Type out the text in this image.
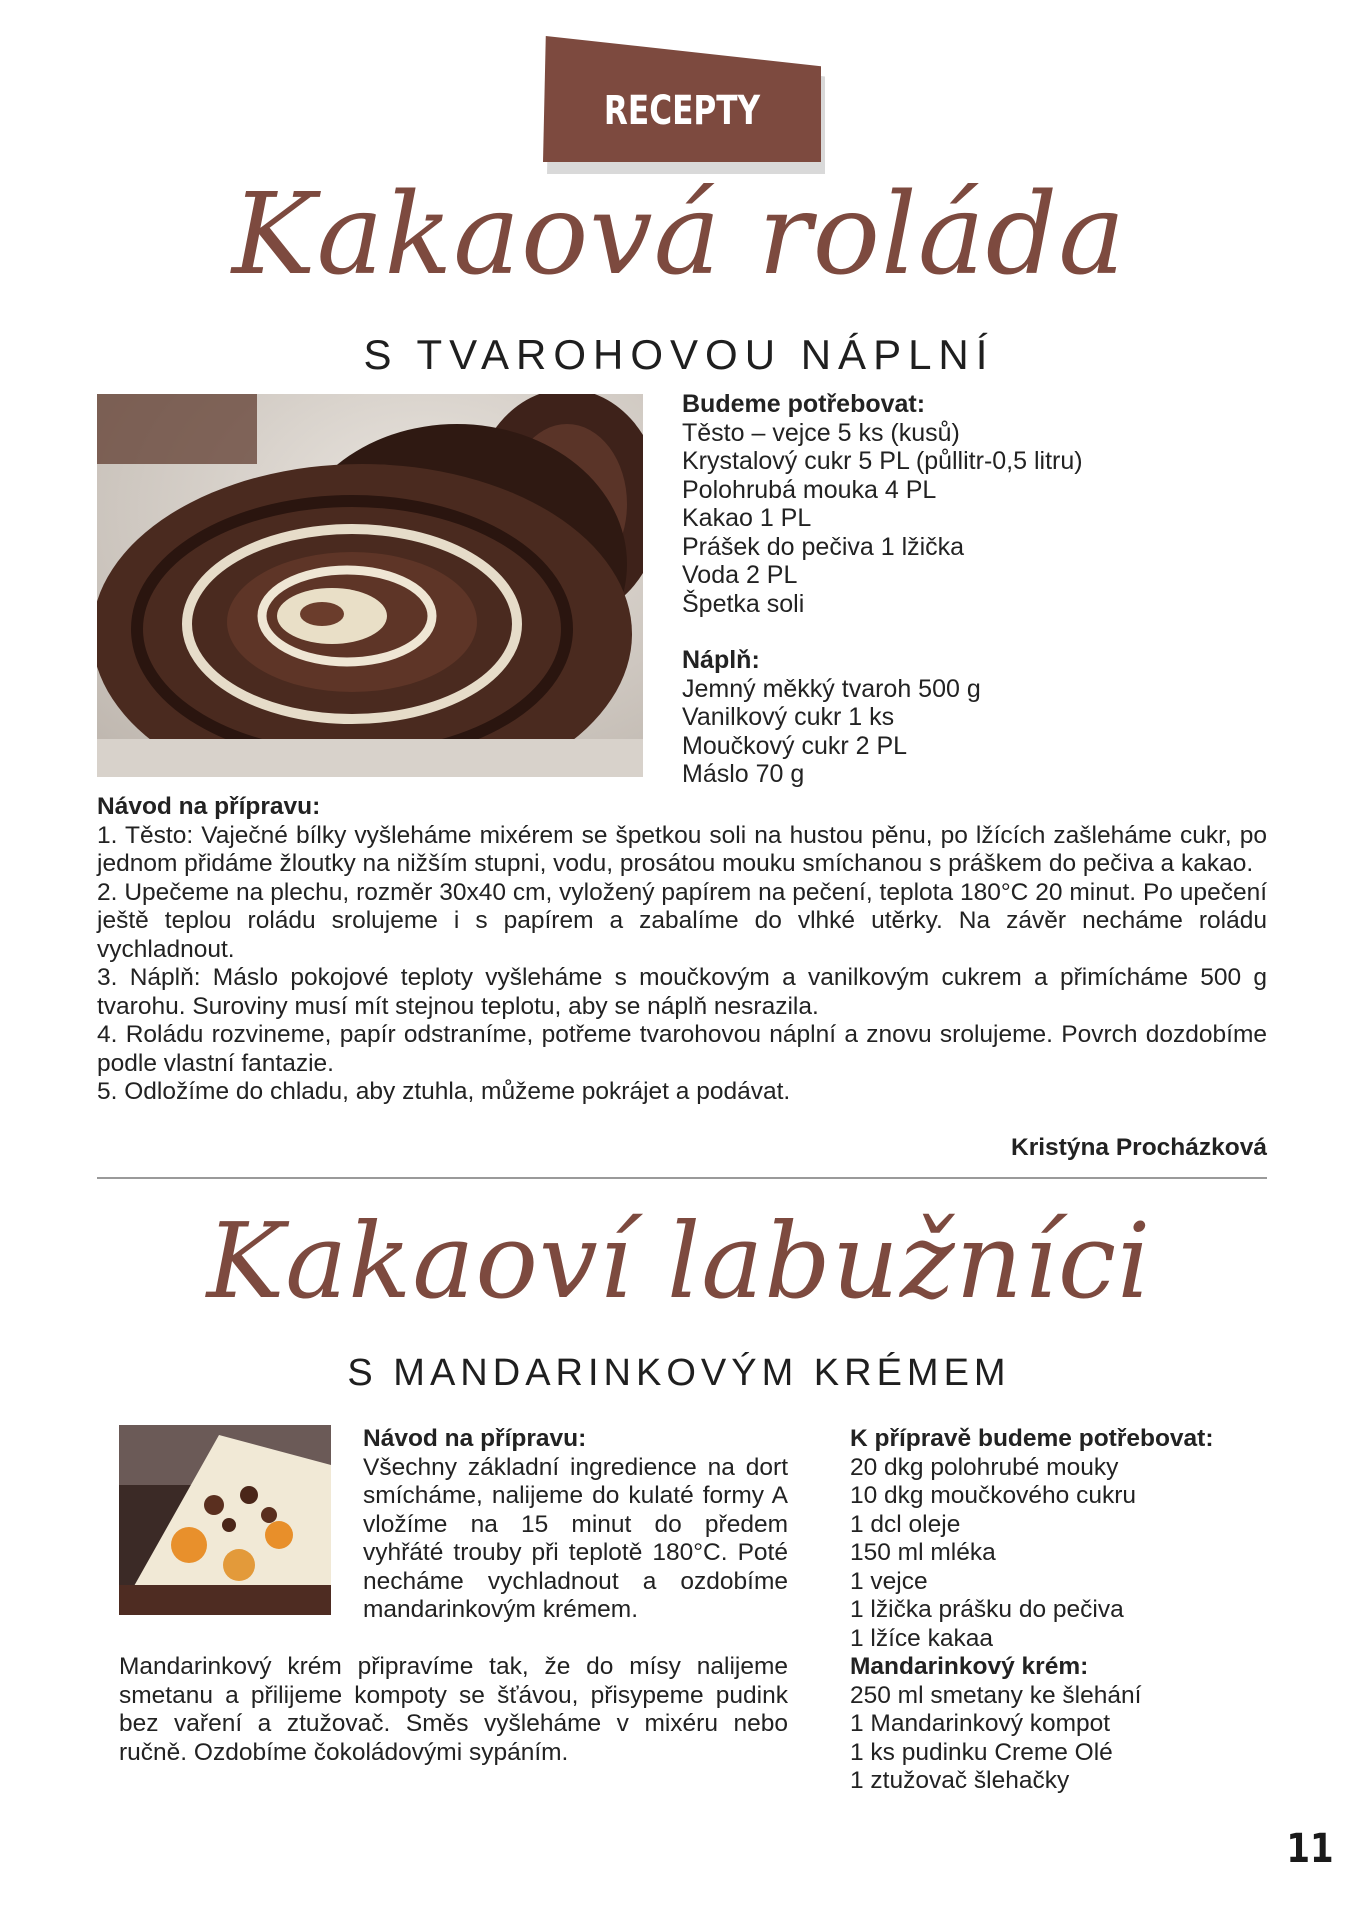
RECEPTY
Kakaová roláda
S TVAROHOVOU NÁPLNÍ
Budeme potřebovat:
Těsto – vejce 5 ks (kusů)
Krystalový cukr 5 PL (půllitr-0,5 litru)
Polohrubá mouka 4 PL
Kakao 1 PL
Prášek do pečiva 1 lžička
Voda 2 PL
Špetka soli
Náplň:
Jemný měkký tvaroh 500 g
Vanilkový cukr 1 ks
Moučkový cukr 2 PL
Máslo 70 g
Návod na přípravu:
1. Těsto: Vaječné bílky vyšleháme mixérem se špetkou soli na hustou pěnu, po lžících zašleháme cukr, po jednom přidáme žloutky na nižším stupni, vodu, prosátou mouku smíchanou s práškem do pečiva a kakao.
2. Upečeme na plechu, rozměr 30x40 cm, vyložený papírem na pečení, teplota 180°C 20 minut. Po upečení ještě teplou roládu srolujeme i s papírem a zabalíme do vlhké utěrky. Na závěr necháme roládu vychladnout.
3. Náplň: Máslo pokojové teploty vyšleháme s moučkovým a vanilkovým cukrem a přimícháme 500 g tvarohu. Suroviny musí mít stejnou teplotu, aby se náplň nesrazila.
4. Roládu rozvineme, papír odstraníme, potřeme tvarohovou náplní a znovu srolujeme. Povrch dozdobíme podle vlastní fantazie.
5. Odložíme do chladu, aby ztuhla, můžeme pokrájet a podávat.
Kristýna Procházková
Kakaoví labužníci
S MANDARINKOVÝM KRÉMEM
Návod na přípravu:
Všechny základní ingredience na dort smícháme, nalijeme do kulaté formy A vložíme na 15 minut do předem vyhřáté trouby při teplotě 180°C. Poté necháme vychladnout a ozdobíme mandarinkovým krémem.
Mandarinkový krém připravíme tak, že do mísy nalijeme smetanu a přilijeme kompoty se šťávou, přisypeme pudink bez vaření a ztužovač. Směs vyšleháme v mixéru nebo ručně. Ozdobíme čokoládovými sypáním.
K přípravě budeme potřebovat:
20 dkg polohrubé mouky
10 dkg moučkového cukru
1 dcl oleje
150 ml mléka
1 vejce
1 lžička prášku do pečiva
1 lžíce kakaa
Mandarinkový krém:
250 ml smetany ke šlehání
1 Mandarinkový kompot
1 ks pudinku Creme Olé
1 ztužovač šlehačky
11
